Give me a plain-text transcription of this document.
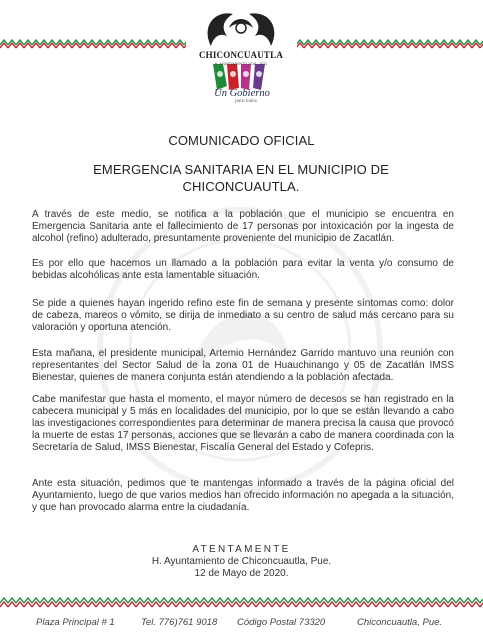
CHICONCUAUTLA
H. AYUNTAMIENTO 2018 - 2021
Un Gobierno
para todos
COMUNICADO OFICIAL
EMERGENCIA SANITARIA EN EL MUNICIPIO DE CHICONCUAUTLA.

A través de este medio, se notifica a la población que el municipio se encuentra en Emergencia Sanitaria ante el fallecimiento de 17 personas por intoxicación por la ingesta de alcohol (refino) adulterado, presuntamente proveniente del municipio de Zacatlán.

Es por ello que hacemos un llamado a la población para evitar la venta y/o consumo de bebidas alcohólicas ante esta lamentable situación.

Se pide a quienes hayan ingerido refino este fin de semana y presente síntomas como: dolor de cabeza, mareos o vómito, se dirija de inmediato a su centro de salud más cercano para su valoración y oportuna atención.

Esta mañana, el presidente municipal, Artemio Hernández Garrido mantuvo una reunión con representantes del Sector Salud de la zona 01 de Huauchinango y 05 de Zacatlán IMSS Bienestar, quienes de manera conjunta están atendiendo a la población afectada.

Cabe manifestar que hasta el momento, el mayor número de decesos se han registrado en la cabecera municipal y 5 más en localidades del municipio, por lo que se están llevando a cabo las investigaciones correspondientes para determinar de manera precisa la causa que provocó la muerte de estas 17 personas, acciones que se llevarán a cabo de manera coordinada con la Secretaría de Salud, IMSS Bienestar, Fiscalía General del Estado y Cofepris.

Ante esta situación, pedimos que te mantengas informado a través de la página oficial del Ayuntamiento, luego de que varios medios han ofrecido información no apegada a la situación, y que han provocado alarma entre la ciudadanía.

ATENTAMENTE
H. Ayuntamiento de Chiconcuautla, Pue.
12 de Mayo de 2020.
Plaza Principal # 1	Tel. 776)761 9018 Código Postal 73320	Chiconcuautla, Pue.
